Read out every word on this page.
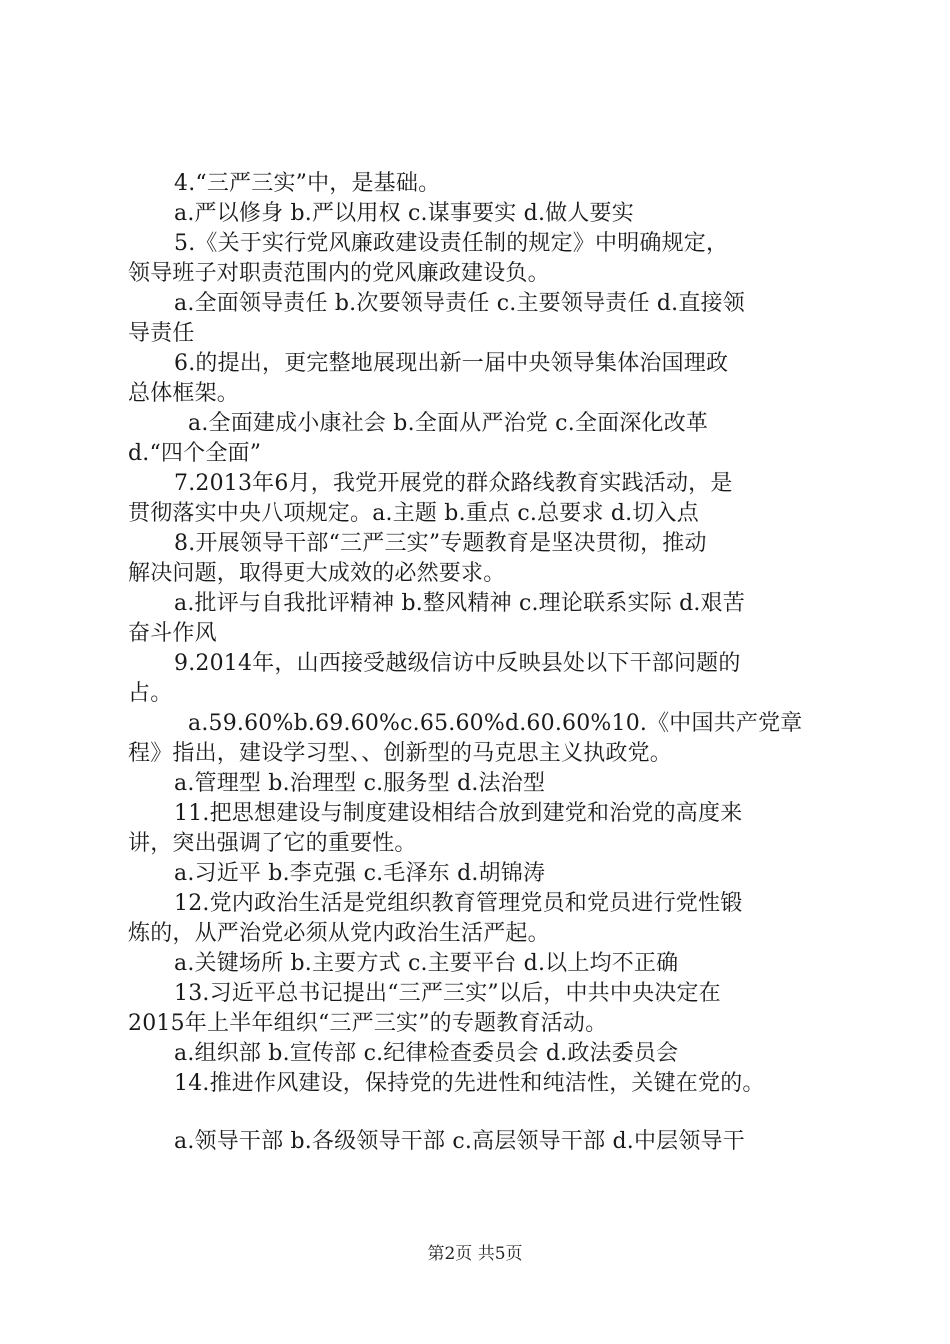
4.“三严三实”中，是基础。
a.严以修身 b.严以用权 c.谋事要实 d.做人要实
5.《关于实行党风廉政建设责任制的规定》中明确规定，
领导班子对职责范围内的党风廉政建设负。
a.全面领导责任 b.次要领导责任 c.主要领导责任 d.直接领
导责任
6.的提出，更完整地展现出新一届中央领导集体治国理政
总体框架。
a.全面建成小康社会 b.全面从严治党 c.全面深化改革
d.“四个全面”
7.2013年6月，我党开展党的群众路线教育实践活动，是
贯彻落实中央八项规定。a.主题 b.重点 c.总要求 d.切入点
8.开展领导干部“三严三实”专题教育是坚决贯彻，推动
解决问题，取得更大成效的必然要求。
a.批评与自我批评精神 b.整风精神 c.理论联系实际 d.艰苦
奋斗作风
9.2014年，山西接受越级信访中反映县处以下干部问题的
占。
a.59.60%b.69.60%c.65.60%d.60.60%10.《中国共产党章
程》指出，建设学习型、、创新型的马克思主义执政党。
a.管理型 b.治理型 c.服务型 d.法治型
11.把思想建设与制度建设相结合放到建党和治党的高度来
讲，突出强调了它的重要性。
a.习近平 b.李克强 c.毛泽东 d.胡锦涛
12.党内政治生活是党组织教育管理党员和党员进行党性锻
炼的，从严治党必须从党内政治生活严起。
a.关键场所 b.主要方式 c.主要平台 d.以上均不正确
13.习近平总书记提出“三严三实”以后，中共中央决定在
2015年上半年组织“三严三实”的专题教育活动。
a.组织部 b.宣传部 c.纪律检查委员会 d.政法委员会
14.推进作风建设，保持党的先进性和纯洁性，关键在党的。
a.领导干部 b.各级领导干部 c.高层领导干部 d.中层领导干
第2页 共5页
